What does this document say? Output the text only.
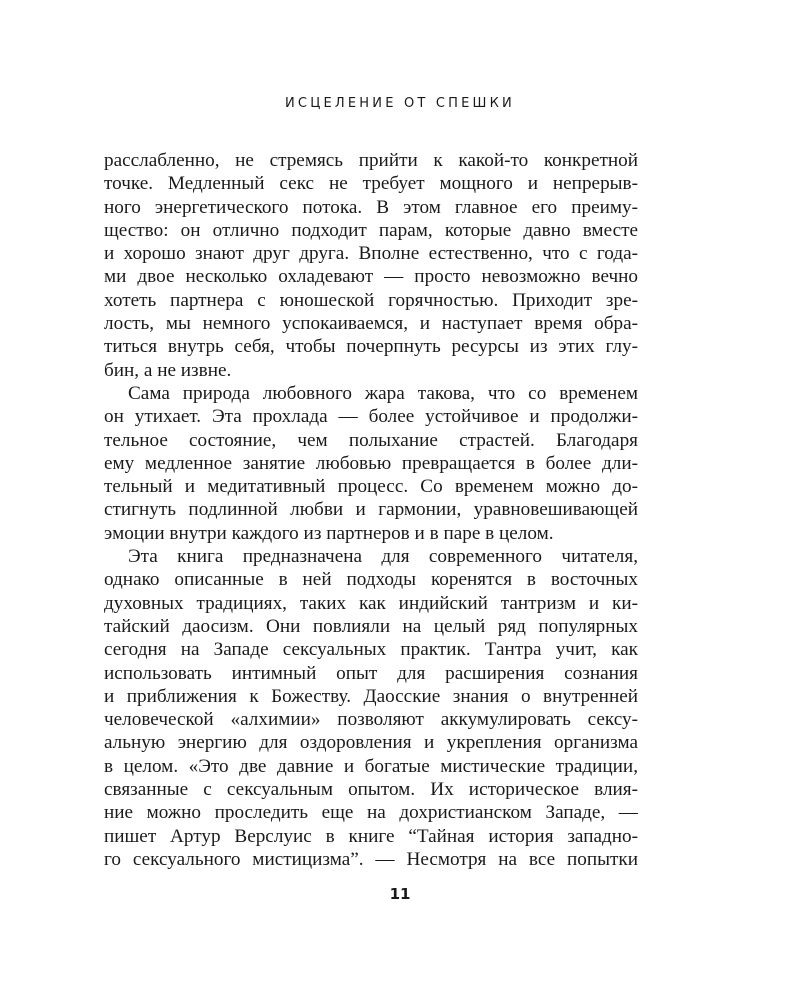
ИСЦЕЛЕНИЕ ОТ СПЕШКИ
расслабленно, не стремясь прийти к какой-то конкретной
точке. Медленный секс не требует мощного и непрерыв-
ного энергетического потока. В этом главное его преиму-
щество: он отлично подходит парам, которые давно вместе
и хорошо знают друг друга. Вполне естественно, что с года-
ми двое несколько охладевают — просто невозможно вечно
хотеть партнера с юношеской горячностью. Приходит зре-
лость, мы немного успокаиваемся, и наступает время обра-
титься внутрь себя, чтобы почерпнуть ресурсы из этих глу-
бин, а не извне.
Сама природа любовного жара такова, что со временем
он утихает. Эта прохлада — более устойчивое и продолжи-
тельное состояние, чем полыхание страстей. Благодаря
ему медленное занятие любовью превращается в более дли-
тельный и медитативный процесс. Со временем можно до-
стигнуть подлинной любви и гармонии, уравновешивающей
эмоции внутри каждого из партнеров и в паре в целом.
Эта книга предназначена для современного читателя,
однако описанные в ней подходы коренятся в восточных
духовных традициях, таких как индийский тантризм и ки-
тайский даосизм. Они повлияли на целый ряд популярных
сегодня на Западе сексуальных практик. Тантра учит, как
использовать интимный опыт для расширения сознания
и приближения к Божеству. Даосские знания о внутренней
человеческой «алхимии» позволяют аккумулировать сексу-
альную энергию для оздоровления и укрепления организма
в целом. «Это две давние и богатые мистические традиции,
связанные с сексуальным опытом. Их историческое влия-
ние можно проследить еще на дохристианском Западе, —
пишет Артур Верслуис в книге “Тайная история западно-
го сексуального мистицизма”. — Несмотря на все попытки
11
